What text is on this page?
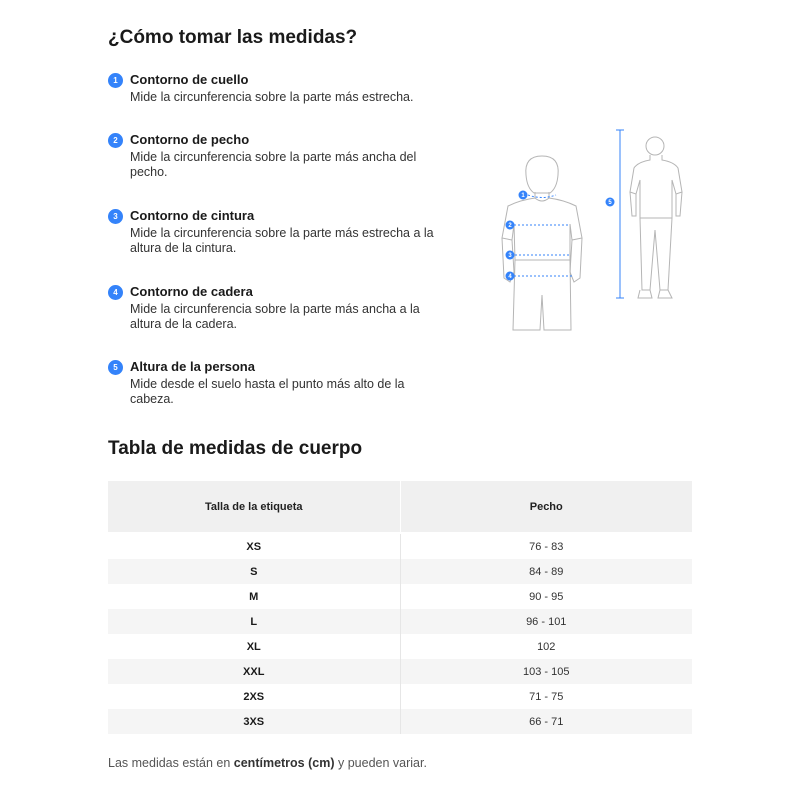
¿Cómo tomar las medidas?
1 Contorno de cuello
Mide la circunferencia sobre la parte más estrecha.
2 Contorno de pecho
Mide la circunferencia sobre la parte más ancha del pecho.
3 Contorno de cintura
Mide la circunferencia sobre la parte más estrecha a la altura de la cintura.
4 Contorno de cadera
Mide la circunferencia sobre la parte más ancha a la altura de la cadera.
5 Altura de la persona
Mide desde el suelo hasta el punto más alto de la cabeza.
1
2
3
4
5
Tabla de medidas de cuerpo
Talla de la etiqueta	Pecho

XS	76 - 83
S	84 - 89
M	90 - 95
L	96 - 101
XL	102
XXL	103 - 105
2XS	71 - 75
3XS	66 - 71
Las medidas están en centímetros (cm) y pueden variar.
